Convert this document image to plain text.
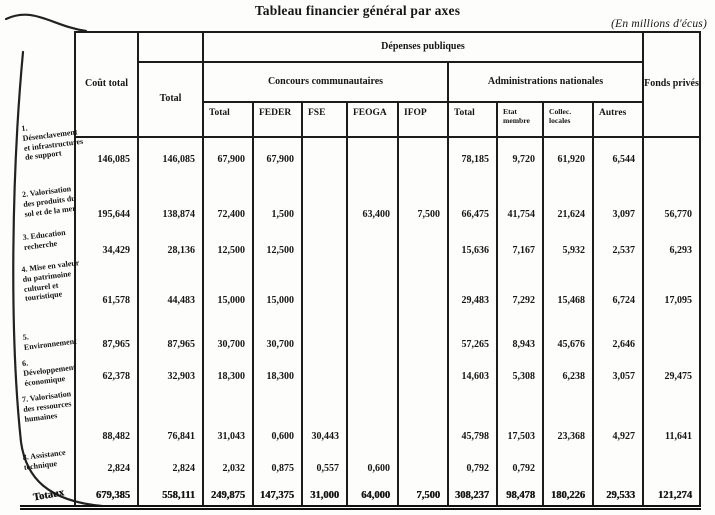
Tableau financier général par axes
(En millions d'écus)
	Coût total		Dépenses publiques									Fonds privés
		Total	Concours communautaires					Administrations nationales				
			Total	FEDER	FSE	FEOGA	IFOP	Total	Etat membre	Collec. locales	Autres	
1. Désenclavement et infrastructures de support	146,085	146,085	67,900	67,900				78,185	9,720	61,920	6,544	
2. Valorisation des produits du sol et de la mer	195,644	138,874	72,400	1,500		63,400	7,500	66,475	41,754	21,624	3,097	56,770
3. Education recherche	34,429	28,136	12,500	12,500				15,636	7,167	5,932	2,537	6,293
4. Mise en valeur du patrimoine culturel et touristique	61,578	44,483	15,000	15,000				29,483	7,292	15,468	6,724	17,095
5. Environnement	87,965	87,965	30,700	30,700				57,265	8,943	45,676	2,646	
6. Développement économique	62,378	32,903	18,300	18,300				14,603	5,308	6,238	3,057	29,475
7. Valorisation des ressources humaines	88,482	76,841	31,043	0,600	30,443			45,798	17,503	23,368	4,927	11,641
8. Assistance technique	2,824	2,824	2,032	0,875	0,557	0,600		0,792	0,792			
Totaux	679,385	558,111	249,875	147,375	31,000	64,000	7,500	308,237	98,478	180,226	29,533	121,274
